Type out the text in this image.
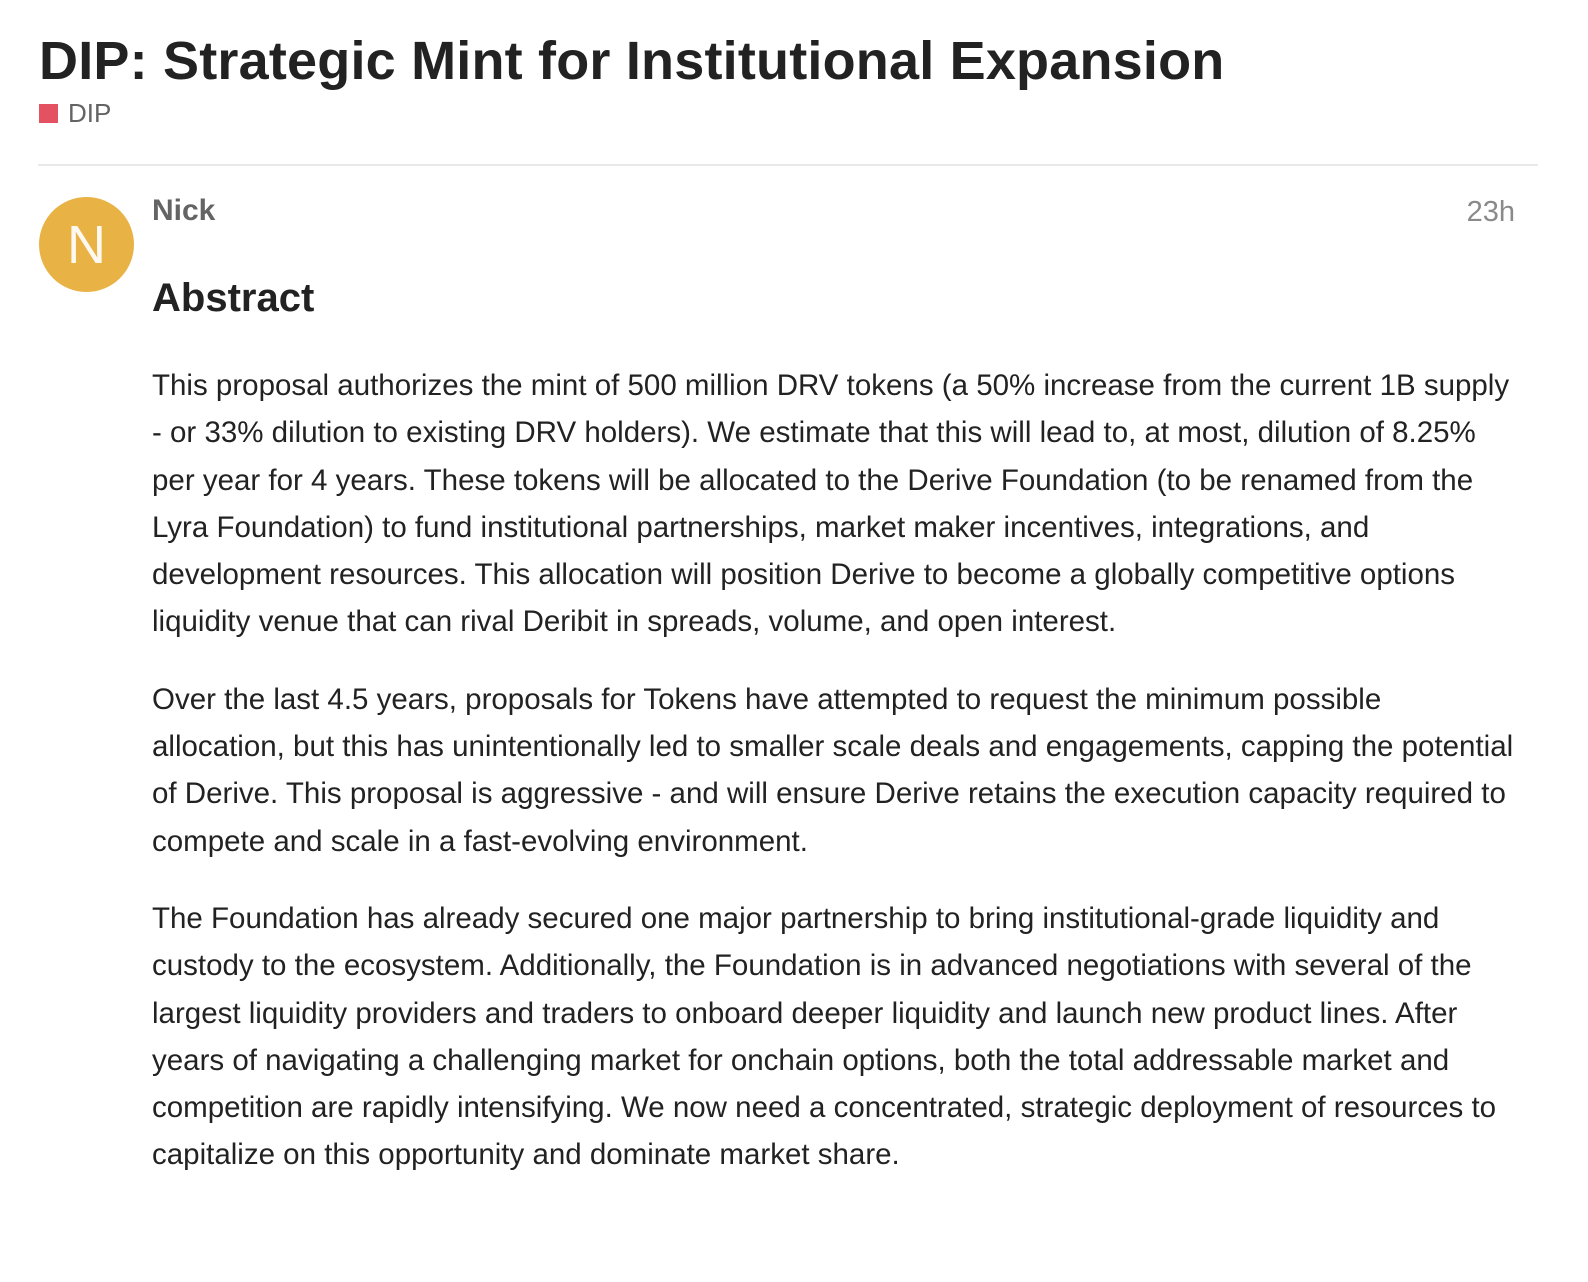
DIP: Strategic Mint for Institutional Expansion
DIP
N
Nick	23h
Abstract

This proposal authorizes the mint of 500 million DRV tokens (a 50% increase from the current 1B supply - or 33% dilution to existing DRV holders). We estimate that this will lead to, at most, dilution of 8.25% per year for 4 years. These tokens will be allocated to the Derive Foundation (to be renamed from the Lyra Foundation) to fund institutional partnerships, market maker incentives, integrations, and development resources. This allocation will position Derive to become a globally competitive options liquidity venue that can rival Deribit in spreads, volume, and open interest.

Over the last 4.5 years, proposals for Tokens have attempted to request the minimum possible allocation, but this has unintentionally led to smaller scale deals and engagements, capping the potential of Derive. This proposal is aggressive - and will ensure Derive retains the execution capacity required to compete and scale in a fast-evolving environment.

The Foundation has already secured one major partnership to bring institutional-grade liquidity and custody to the ecosystem. Additionally, the Foundation is in advanced negotiations with several of the largest liquidity providers and traders to onboard deeper liquidity and launch new product lines. After years of navigating a challenging market for onchain options, both the total addressable market and competition are rapidly intensifying. We now need a concentrated, strategic deployment of resources to capitalize on this opportunity and dominate market share.
